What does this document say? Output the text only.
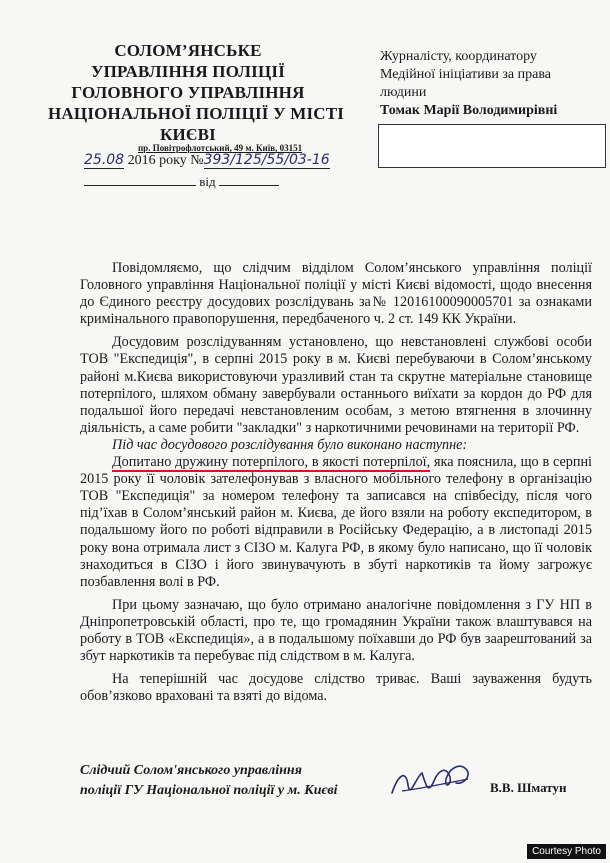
СОЛОМ’ЯНСЬКЕ
УПРАВЛІННЯ ПОЛІЦІЇ
ГОЛОВНОГО УПРАВЛІННЯ
НАЦІОНАЛЬНОЇ ПОЛІЦІЇ У МІСТІ
КИЄВІ
пр. Повітрофлотський, 49 м. Київ, 03151
25.08 2016 року №393/125/55/03-16
від
Журналісту, координатору
Медійної ініціативи за права
людини
Томак Марії Володимирівні

Повідомляємо, що слідчим відділом Солом’янського управління поліції Головного управління Національної поліції у місті Києві відомості, щодо внесення до Єдиного реєстру досудових розслідувань за№ 12016100090005701 за ознаками кримінального правопорушення, передбаченого ч. 2 ст. 149 КК України.

Досудовим розслідуванням установлено, що невстановлені службові особи ТОВ "Експедиція", в серпні 2015 року в м. Києві перебуваючи в Солом’янському районі м.Києва використовуючи уразливий стан та скрутне матеріальне становище потерпілого, шляхом обману завербували останнього виїхати за кордон до РФ для подальшої його передачі невстановленим особам, з метою втягнення в злочинну діяльність, а саме робити "закладки" з наркотичними речовинами на території РФ.

Під час досудового розслідування було виконано наступне:

Допитано дружину потерпілого, в якості потерпілої, яка пояснила, що в серпні 2015 року її чоловік зателефонував з власного мобільного телефону в організацію ТОВ "Експедиція" за номером телефону та записався на співбесіду, після чого під’їхав в Солом’янський район м. Києва, де його взяли на роботу експедитором, в подальшому його по роботі відправили в Російську Федерацію, а в листопаді 2015 року вона отримала лист з СІЗО м. Калуга РФ, в якому було написано, що її чоловік знаходиться в СІЗО і його звинувачують в збуті наркотиків та йому загрожує позбавлення волі в РФ.

При цьому зазначаю, що було отримано аналогічне повідомлення з ГУ НП в Дніпропетровській області, про те, що громадянин України також влаштувався на роботу в ТОВ «Експедиція», а в подальшому поїхавши до РФ був заарештований за збут наркотиків та перебуває під слідством в м. Калуга.

На теперішній час досудове слідство триває. Ваші зауваження будуть обов’язково враховані та взяті до відома.

Слідчий Солом'янського управління
поліції ГУ Національної поліції у м. Києві	В.В. Шматун
Courtesy Photo
